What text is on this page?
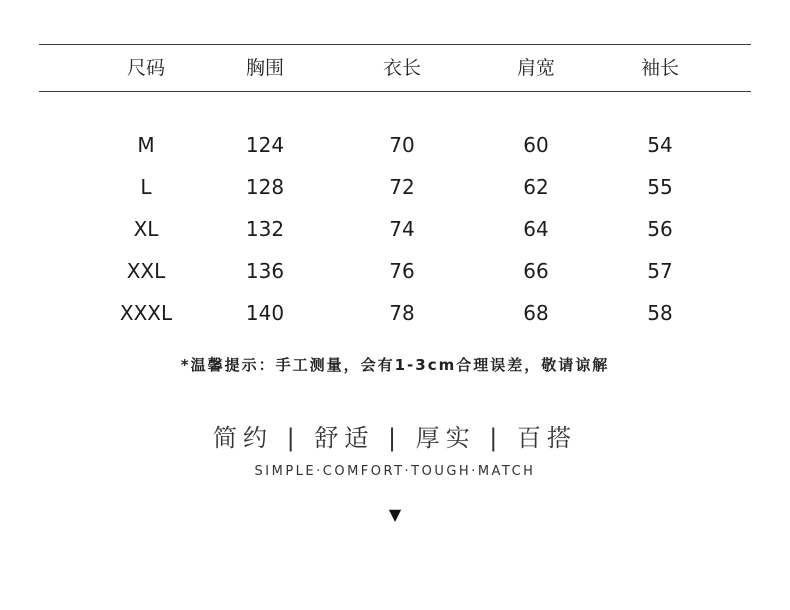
尺码	胸围	衣长	肩宽	袖长
M	124	70	60	54
L	128	72	62	55
XL	132	74	64	56
XXL	136	76	66	57
XXXL	140	78	68	58
*温馨提示：手工测量，会有1-3cm合理误差，敬请谅解
简约 | 舒适 | 厚实 | 百搭
SIMPLE·COMFORT·TOUGH·MATCH
▼
